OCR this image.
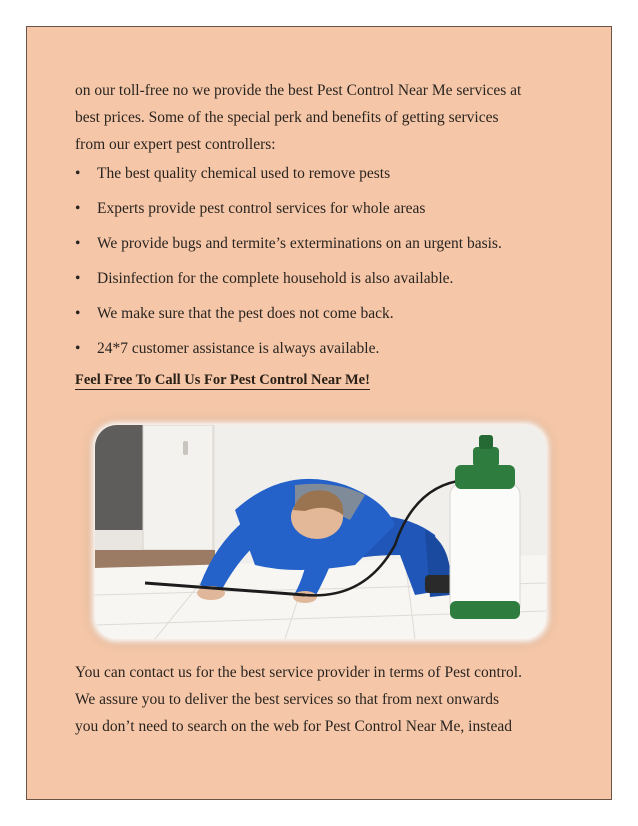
on our toll-free no we provide the best Pest Control Near Me services at
best prices. Some of the special perk and benefits of getting services
from our expert pest controllers:

•	The best quality chemical used to remove pests
•	Experts provide pest control services for whole areas
•	We provide bugs and termite’s exterminations on an urgent basis.
•	Disinfection for the complete household is also available.
•	We make sure that the pest does not come back.
•	24*7 customer assistance is always available.

Feel Free To Call Us For Pest Control Near Me!

You can contact us for the best service provider in terms of Pest control.

We assure you to deliver the best services so that from next onwards

you don’t need to search on the web for Pest Control Near Me, instead
